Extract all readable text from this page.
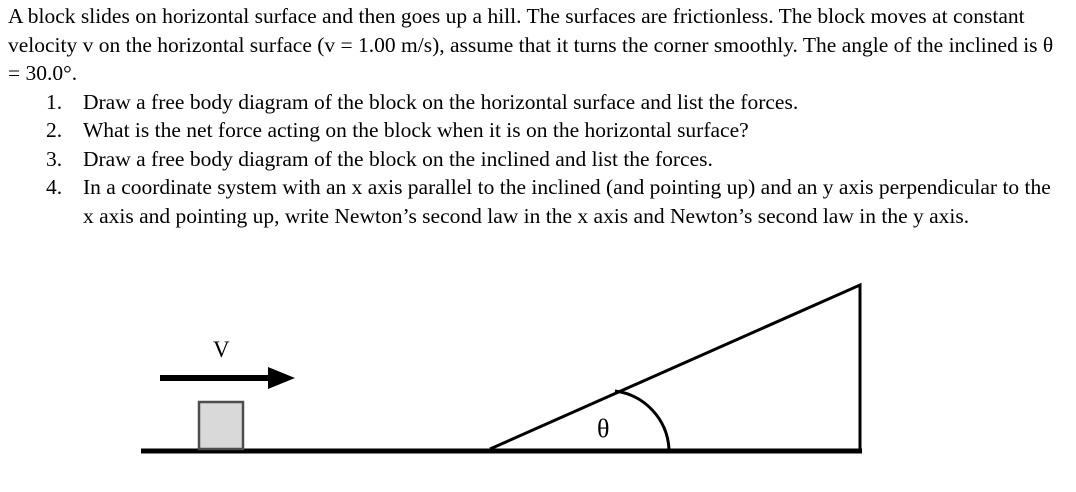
A block slides on horizontal surface and then goes up a hill. The surfaces are frictionless. The block moves at constant velocity v on the horizontal surface (v = 1.00 m/s), assume that it turns the corner smoothly. The angle of the inclined is θ = 30.0°.

1. Draw a free body diagram of the block on the horizontal surface and list the forces.
2. What is the net force acting on the block when it is on the horizontal surface?
3. Draw a free body diagram of the block on the inclined and list the forces.
4. In a coordinate system with an x axis parallel to the inclined (and pointing up) and an y axis perpendicular to the x axis and pointing up, write Newton’s second law in the x axis and Newton’s second law in the y axis.
V
θ
